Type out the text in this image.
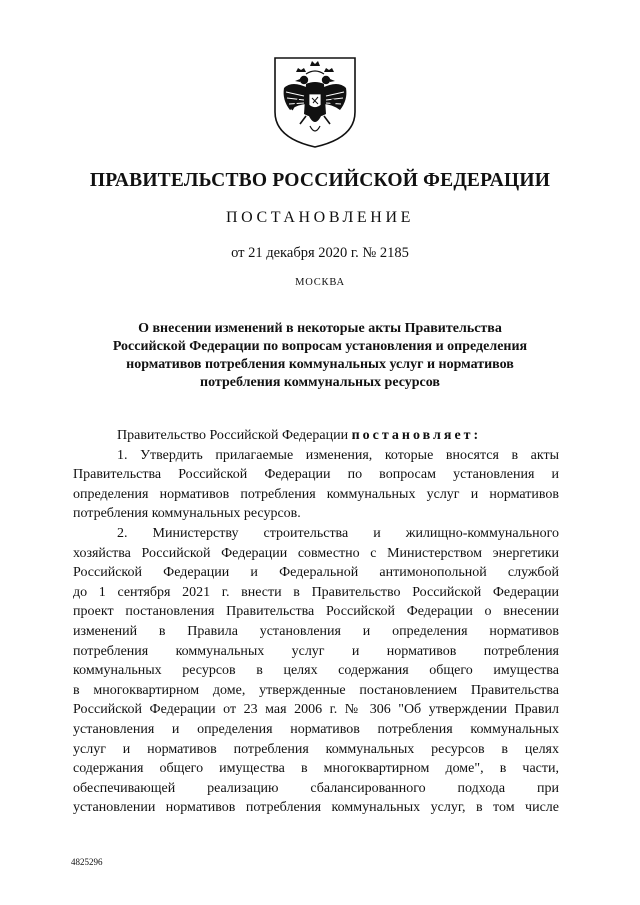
ПРАВИТЕЛЬСТВО РОССИЙСКОЙ ФЕДЕРАЦИИ
ПОСТАНОВЛЕНИЕ
от 21 декабря 2020 г. № 2185
МОСКВА
О внесении изменений в некоторые акты Правительства
Российской Федерации по вопросам установления и определения
нормативов потребления коммунальных услуг и нормативов
потребления коммунальных ресурсов
Правительство Российской Федерации постановляет:
1. Утвердить прилагаемые изменения, которые вносятся в акты
Правительства Российской Федерации по вопросам установления и
определения нормативов потребления коммунальных услуг и нормативов
потребления коммунальных ресурсов.
2. Министерству строительства и жилищно-коммунального
хозяйства Российской Федерации совместно с Министерством энергетики
Российской Федерации и Федеральной антимонопольной службой
до 1 сентября 2021 г. внести в Правительство Российской Федерации
проект постановления Правительства Российской Федерации о внесении
изменений в Правила установления и определения нормативов
потребления коммунальных услуг и нормативов потребления
коммунальных ресурсов в целях содержания общего имущества
в многоквартирном доме, утвержденные постановлением Правительства
Российской Федерации от 23 мая 2006 г. № 306 "Об утверждении Правил
установления и определения нормативов потребления коммунальных
услуг и нормативов потребления коммунальных ресурсов в целях
содержания общего имущества в многоквартирном доме", в части,
обеспечивающей реализацию сбалансированного подхода при
установлении нормативов потребления коммунальных услуг, в том числе
4825296
